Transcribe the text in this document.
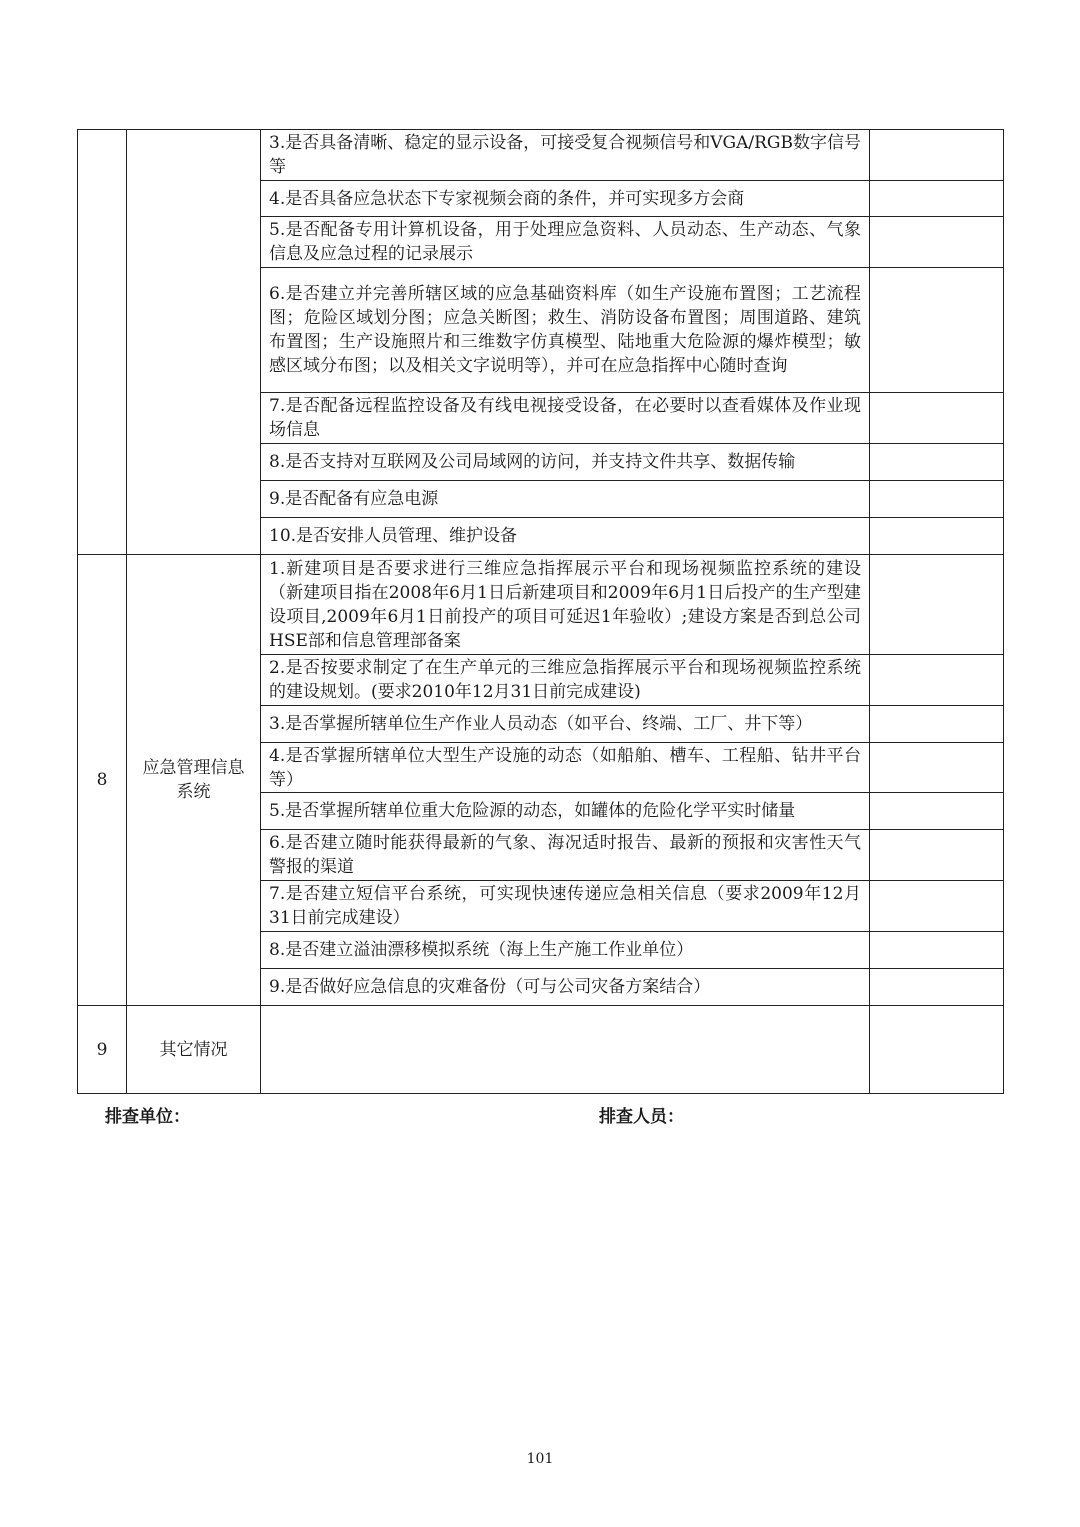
		3.是否具备清晰、稳定的显示设备，可接受复合视频信号和VGA/RGB数字信号等	
		4.是否具备应急状态下专家视频会商的条件，并可实现多方会商	
		5.是否配备专用计算机设备，用于处理应急资料、人员动态、生产动态、气象信息及应急过程的记录展示	
		6.是否建立并完善所辖区域的应急基础资料库（如生产设施布置图；工艺流程图；危险区域划分图；应急关断图；救生、消防设备布置图；周围道路、建筑布置图；生产设施照片和三维数字仿真模型、陆地重大危险源的爆炸模型；敏感区域分布图；以及相关文字说明等），并可在应急指挥中心随时查询	
		7.是否配备远程监控设备及有线电视接受设备，在必要时以查看媒体及作业现场信息	
		8.是否支持对互联网及公司局域网的访问，并支持文件共享、数据传输	
		9.是否配备有应急电源	
		10.是否安排人员管理、维护设备	
8	应急管理信息系统	1.新建项目是否要求进行三维应急指挥展示平台和现场视频监控系统的建设（新建项目指在2008年6月1日后新建项目和2009年6月1日后投产的生产型建设项目,2009年6月1日前投产的项目可延迟1年验收）;建设方案是否到总公司HSE部和信息管理部备案	
		2.是否按要求制定了在生产单元的三维应急指挥展示平台和现场视频监控系统的建设规划。(要求2010年12月31日前完成建设)	
		3.是否掌握所辖单位生产作业人员动态（如平台、终端、工厂、井下等）	
		4.是否掌握所辖单位大型生产设施的动态（如船舶、槽车、工程船、钻井平台等）	
		5.是否掌握所辖单位重大危险源的动态，如罐体的危险化学平实时储量	
		6.是否建立随时能获得最新的气象、海况适时报告、最新的预报和灾害性天气警报的渠道	
		7.是否建立短信平台系统，可实现快速传递应急相关信息（要求2009年12月31日前完成建设）	
		8.是否建立溢油漂移模拟系统（海上生产施工作业单位）	
		9.是否做好应急信息的灾难备份（可与公司灾备方案结合）	
9	其它情况		
排查单位：	排查人员：
101
